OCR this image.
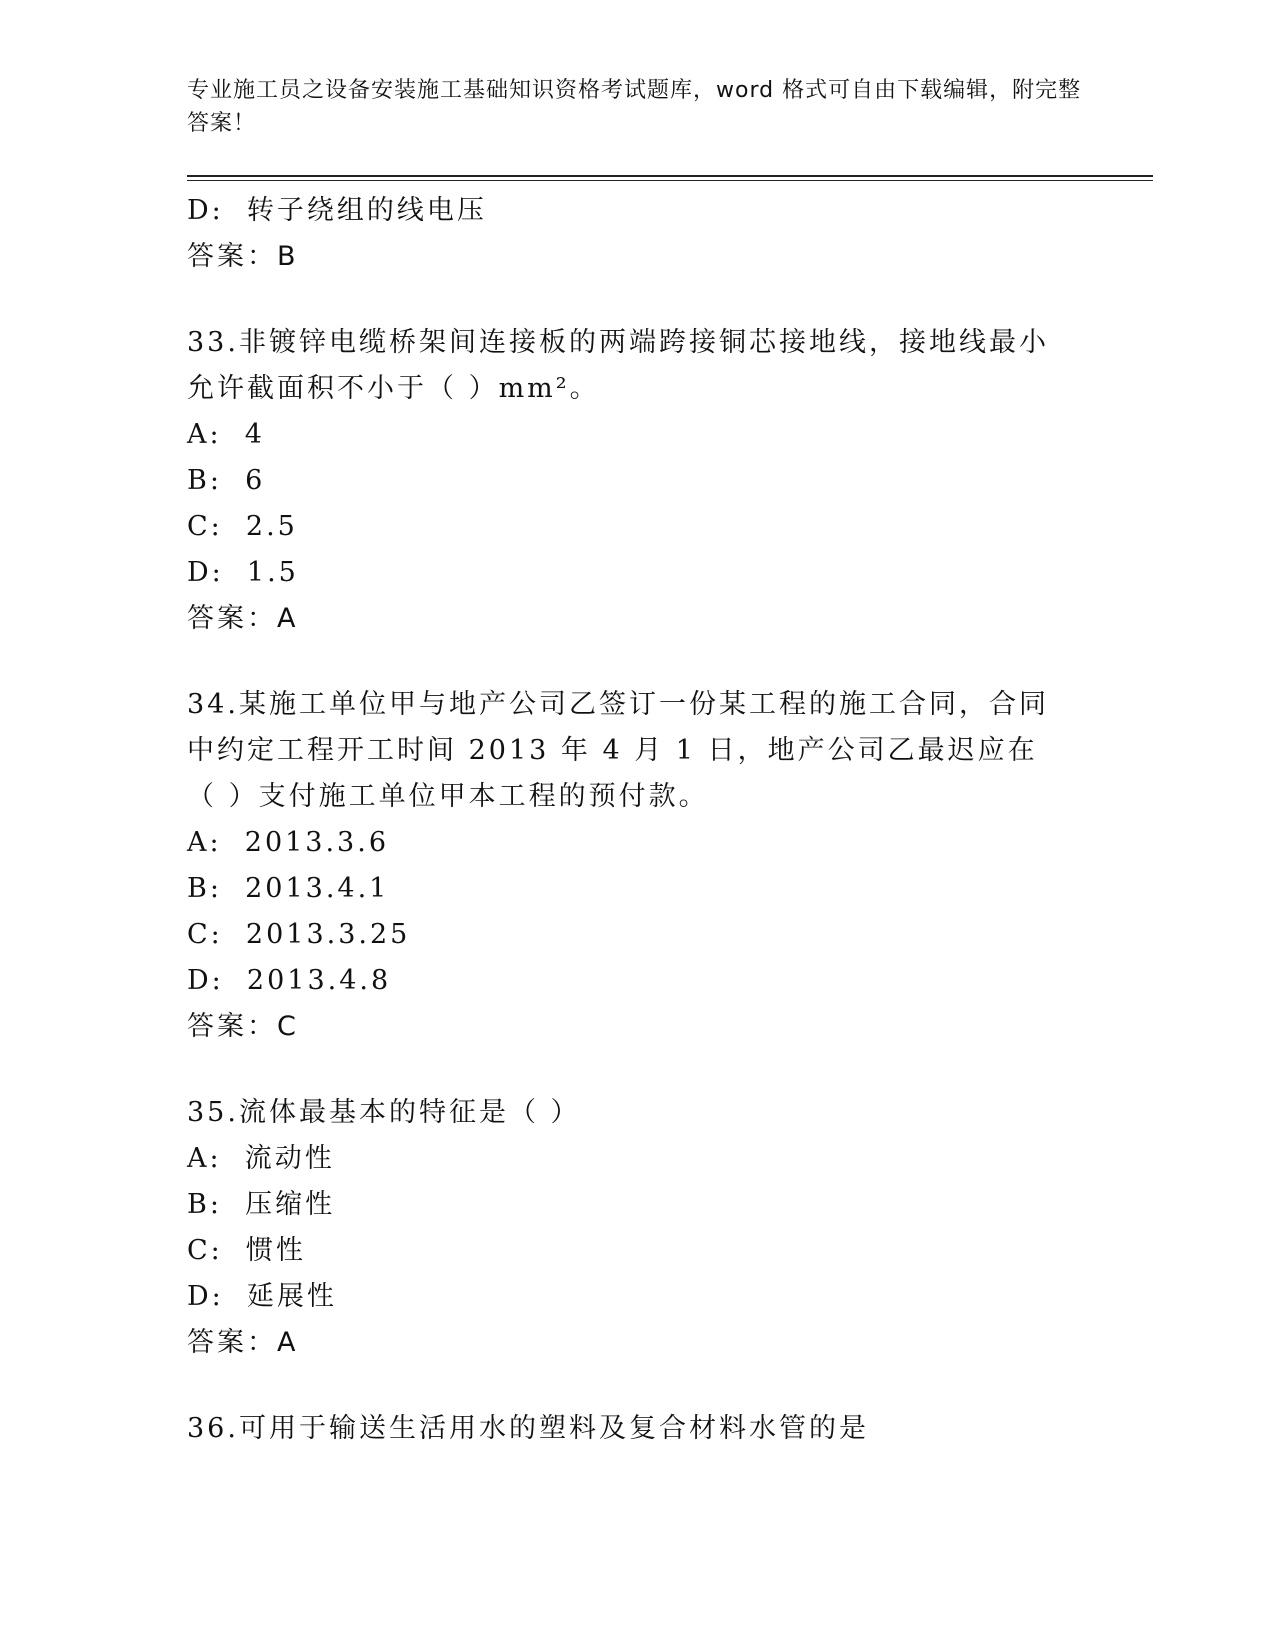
专业施工员之设备安装施工基础知识资格考试题库，word 格式可自由下载编辑，附完整答案！
D:  转子绕组的线电压
答案：B
33.非镀锌电缆桥架间连接板的两端跨接铜芯接地线，接地线最小允许截面积不小于（ ）mm²。
A:  4
B:  6
C:  2.5
D:  1.5
答案：A
34.某施工单位甲与地产公司乙签订一份某工程的施工合同，合同中约定工程开工时间 2013 年 4 月 1 日，地产公司乙最迟应在（ ）支付施工单位甲本工程的预付款。
A:  2013.3.6
B:  2013.4.1
C:  2013.3.25
D:  2013.4.8
答案：C
35.流体最基本的特征是（ ）
A:  流动性
B:  压缩性
C:  惯性
D:  延展性
答案：A
36.可用于输送生活用水的塑料及复合材料水管的是
